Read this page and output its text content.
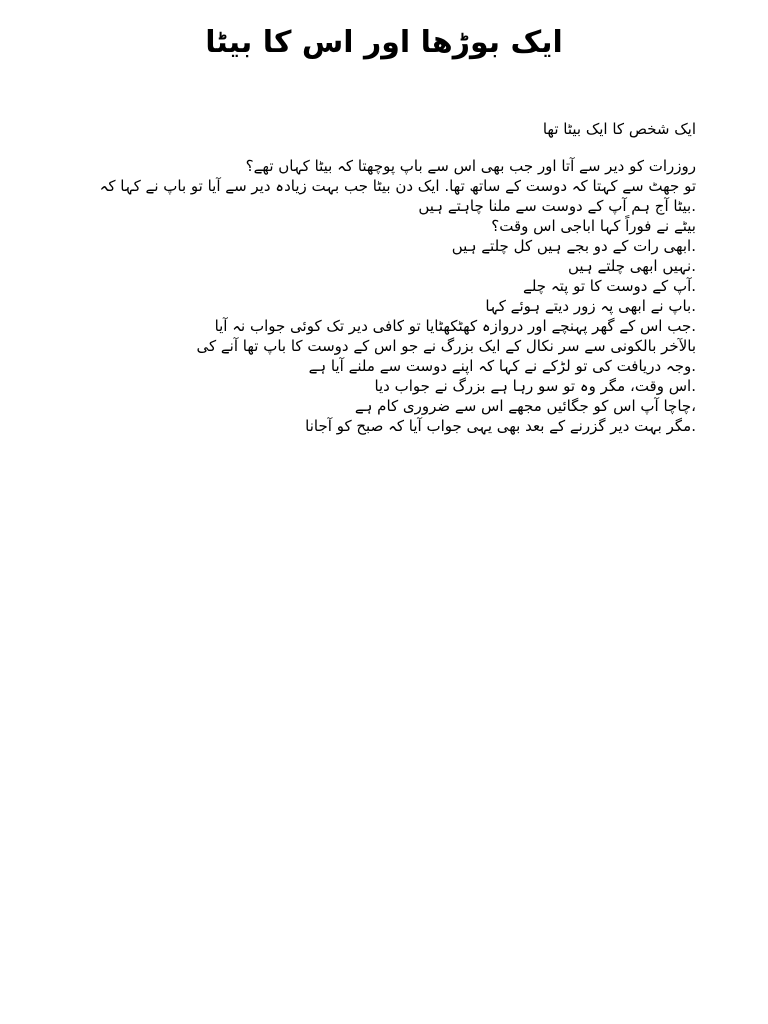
ایک بوڑھا اور اس کا بیٹا

ایک شخص کا ایک بیٹا تھا

روزرات کو دیر سے آتا اور جب بھی اس سے باپ پوچھتا کہ بیٹا کہاں تھے؟
تو جھٹ سے کہتا کہ دوست کے ساتھ تھا. ایک دن بیٹا جب بہت زیادہ دیر سے آیا تو باپ نے کہا کہ
.بیٹا آج ہم آپ کے دوست سے ملنا چاہتے ہیں
بیٹے نے فوراً کہا اباجی اس وقت؟
.ابھی رات کے دو بجے ہیں کل چلتے ہیں
.نہیں ابھی چلتے ہیں
.آپ کے دوست کا تو پتہ چلے
.باپ نے ابھی پہ زور دیتے ہوئے کہا
.جب اس کے گھر پہنچے اور دروازہ کھٹکھٹایا تو کافی دیر تک کوئی جواب نہ آیا
بالآخر بالکونی سے سر نکال کے ایک بزرگ نے جو اس کے دوست کا باپ تھا آنے کی
.وجہ دریافت کی تو لڑکے نے کہا کہ اپنے دوست سے ملنے آیا ہے
.اس وقت، مگر وہ تو سو رہا ہے بزرگ نے جواب دیا
،چاچا آپ اس کو جگائیں مجھے اس سے ضروری کام ہے
.مگر بہت دیر گزرنے کے بعد بھی یہی جواب آیا کہ صبح کو آجانا
